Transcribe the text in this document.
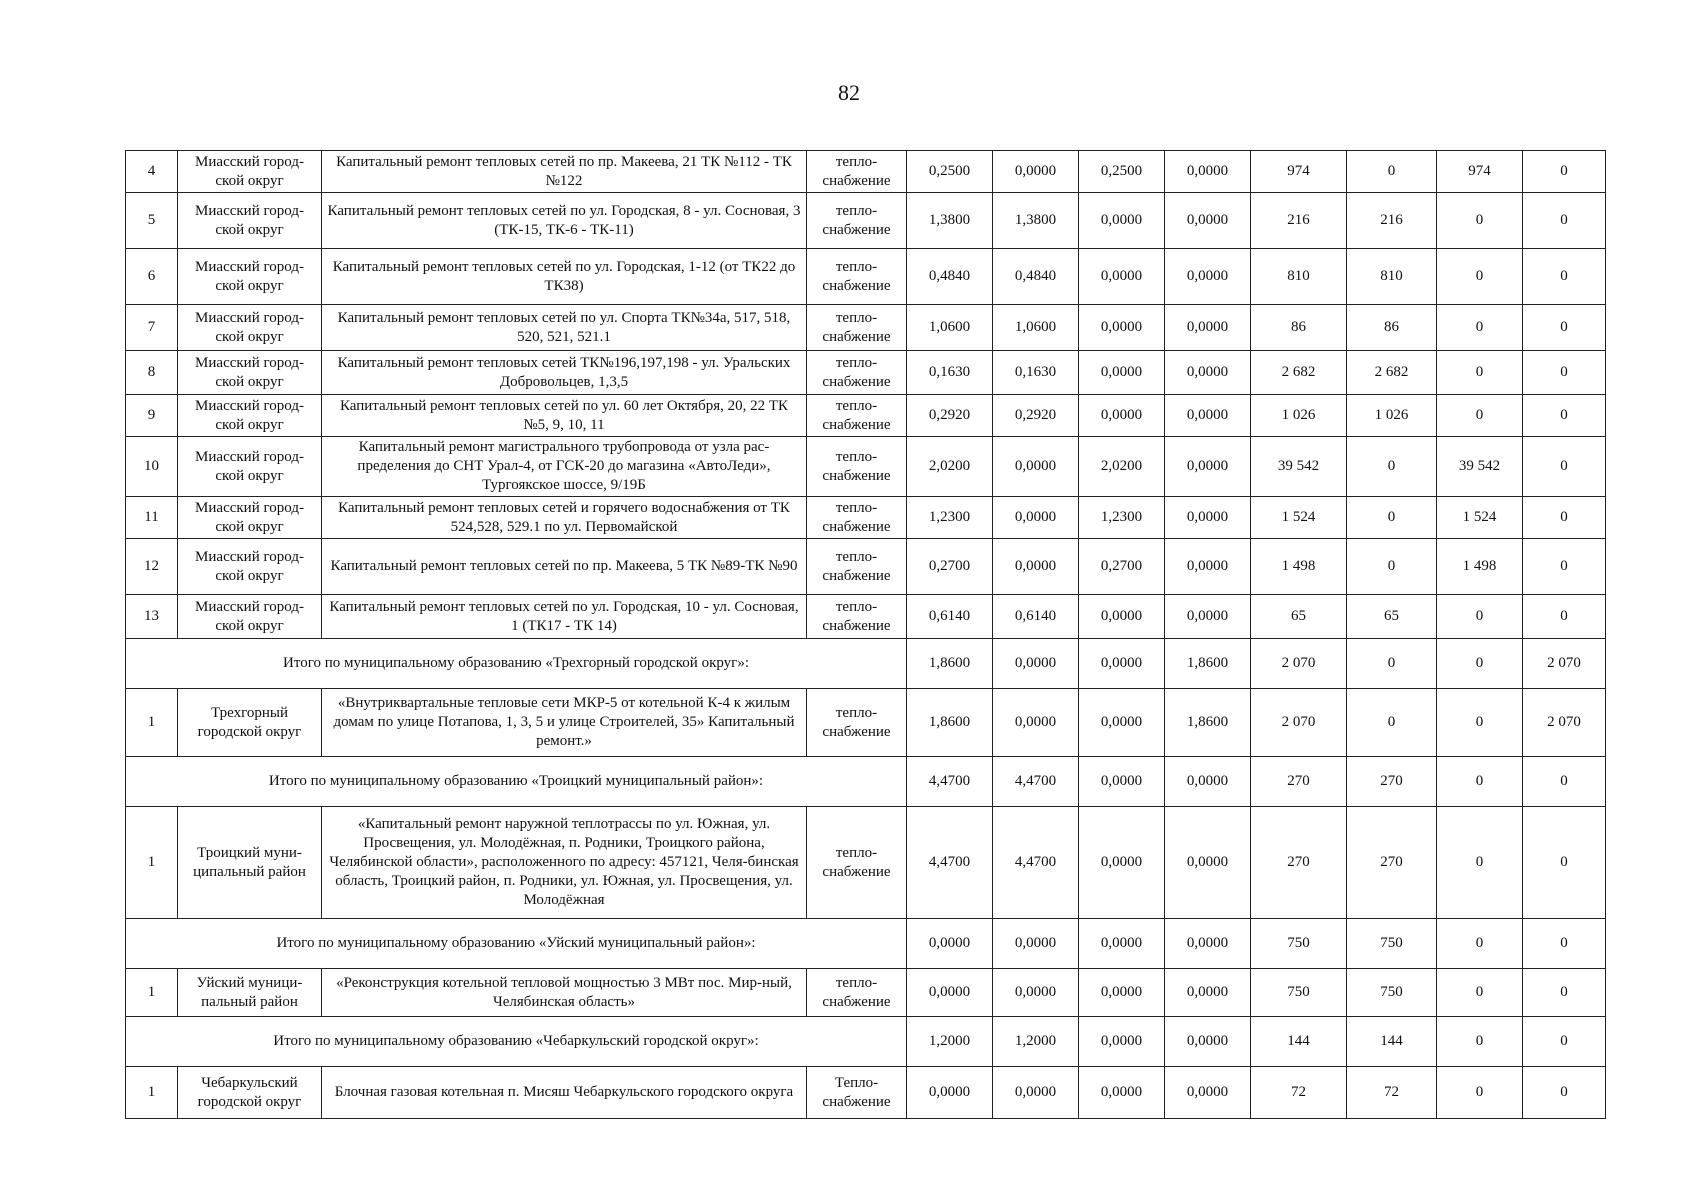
82
4	Миасский город-ской округ	Капитальный ремонт тепловых сетей по пр. Макеева, 21 ТК №112 - ТК №122	тепло-снабжение	0,2500	0,0000	0,2500	0,0000	974	0	974	0
5	Миасский город-ской округ	Капитальный ремонт тепловых сетей по ул. Городская, 8 - ул. Сосновая, 3 (ТК-15, ТК-6 - ТК-11)	тепло-снабжение	1,3800	1,3800	0,0000	0,0000	216	216	0	0
6	Миасский город-ской округ	Капитальный ремонт тепловых сетей по ул. Городская, 1-12 (от ТК22 до ТК38)	тепло-снабжение	0,4840	0,4840	0,0000	0,0000	810	810	0	0
7	Миасский город-ской округ	Капитальный ремонт тепловых сетей по ул. Спорта ТК№34а, 517, 518, 520, 521, 521.1	тепло-снабжение	1,0600	1,0600	0,0000	0,0000	86	86	0	0
8	Миасский город-ской округ	Капитальный ремонт тепловых сетей ТК№196,197,198 - ул. Уральских Добровольцев, 1,3,5	тепло-снабжение	0,1630	0,1630	0,0000	0,0000	2 682	2 682	0	0
9	Миасский город-ской округ	Капитальный ремонт тепловых сетей по ул. 60 лет Октября, 20, 22 ТК №5, 9, 10, 11	тепло-снабжение	0,2920	0,2920	0,0000	0,0000	1 026	1 026	0	0
10	Миасский город-ской округ	Капитальный ремонт магистрального трубопровода от узла рас-пределения до СНТ Урал-4, от ГСК-20 до магазина «АвтоЛеди», Тургоякское шоссе, 9/19Б	тепло-снабжение	2,0200	0,0000	2,0200	0,0000	39 542	0	39 542	0
11	Миасский город-ской округ	Капитальный ремонт тепловых сетей и горячего водоснабжения от ТК 524,528, 529.1 по ул. Первомайской	тепло-снабжение	1,2300	0,0000	1,2300	0,0000	1 524	0	1 524	0
12	Миасский город-ской округ	Капитальный ремонт тепловых сетей по пр. Макеева, 5 ТК №89-ТК №90	тепло-снабжение	0,2700	0,0000	0,2700	0,0000	1 498	0	1 498	0
13	Миасский город-ской округ	Капитальный ремонт тепловых сетей по ул. Городская, 10 - ул. Сосновая, 1 (ТК17 - ТК 14)	тепло-снабжение	0,6140	0,6140	0,0000	0,0000	65	65	0	0
Итого по муниципальному образованию «Трехгорный городской округ»:				1,8600	0,0000	0,0000	1,8600	2 070	0	0	2 070
1	Трехгорный городской округ	«Внутриквартальные тепловые сети МКР-5 от котельной К-4 к жилым домам по улице Потапова, 1, 3, 5 и улице Строителей, 35» Капитальный ремонт.»	тепло-снабжение	1,8600	0,0000	0,0000	1,8600	2 070	0	0	2 070
Итого по муниципальному образованию «Троицкий муниципальный район»:				4,4700	4,4700	0,0000	0,0000	270	270	0	0
1	Троицкий муни-ципальный район	«Капитальный ремонт наружной теплотрассы по ул. Южная, ул. Просвещения, ул. Молодёжная, п. Родники, Троицкого района, Челябинской области», расположенного по адресу: 457121, Челя-бинская область, Троицкий район, п. Родники, ул. Южная, ул. Просвещения, ул. Молодёжная	тепло-снабжение	4,4700	4,4700	0,0000	0,0000	270	270	0	0
Итого по муниципальному образованию «Уйский муниципальный район»:				0,0000	0,0000	0,0000	0,0000	750	750	0	0
1	Уйский муници-пальный район	«Реконструкция котельной тепловой мощностью 3 МВт пос. Мир-ный, Челябинская область»	тепло-снабжение	0,0000	0,0000	0,0000	0,0000	750	750	0	0
Итого по муниципальному образованию «Чебаркульский городской округ»:				1,2000	1,2000	0,0000	0,0000	144	144	0	0
1	Чебаркульский городской округ	Блочная газовая котельная п. Мисяш Чебаркульского городского округа	Тепло-снабжение	0,0000	0,0000	0,0000	0,0000	72	72	0	0
